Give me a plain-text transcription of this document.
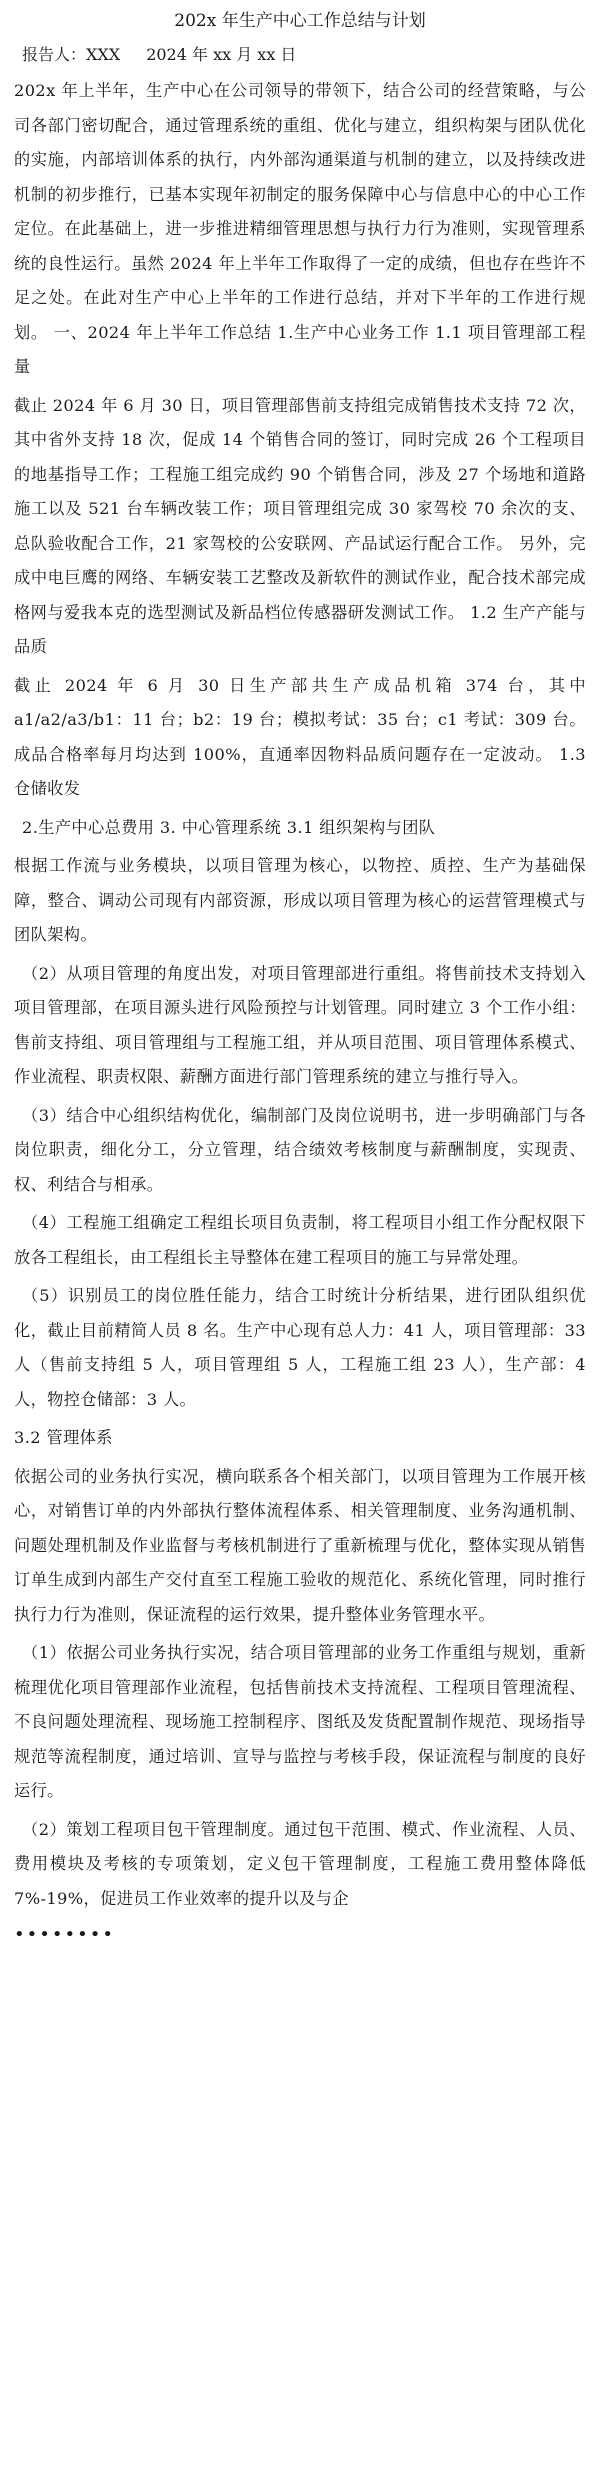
202x 年生产中心工作总结与计划
报告人：XXX 2024 年 xx 月 xx 日

202x 年上半年，生产中心在公司领导的带领下，结合公司的经营策略，与公司各部门密切配合，通过管理系统的重组、优化与建立，组织构架与团队优化的实施，内部培训体系的执行，内外部沟通渠道与机制的建立，以及持续改进机制的初步推行，已基本实现年初制定的服务保障中心与信息中心的中心工作定位。在此基础上，进一步推进精细管理思想与执行力行为准则，实现管理系统的良性运行。虽然 2024 年上半年工作取得了一定的成绩，但也存在些许不足之处。在此对生产中心上半年的工作进行总结，并对下半年的工作进行规划。 一、2024 年上半年工作总结 1.生产中心业务工作 1.1 项目管理部工程量

截止 2024 年 6 月 30 日，项目管理部售前支持组完成销售技术支持 72 次，其中省外支持 18 次，促成 14 个销售合同的签订，同时完成 26 个工程项目的地基指导工作；工程施工组完成约 90 个销售合同，涉及 27 个场地和道路施工以及 521 台车辆改装工作；项目管理组完成 30 家驾校 70 余次的支、总队验收配合工作，21 家驾校的公安联网、产品试运行配合工作。 另外，完成中电巨鹰的网络、车辆安装工艺整改及新软件的测试作业，配合技术部完成格网与爱我本克的选型测试及新品档位传感器研发测试工作。 1.2 生产产能与品质

截止 2024 年 6 月 30 日生产部共生产成品机箱 374 台，其中 a1/a2/a3/b1：11 台；b2：19 台；模拟考试：35 台；c1 考试：309 台。成品合格率每月均达到 100%，直通率因物料品质问题存在一定波动。 1.3 仓储收发

2.生产中心总费用 3. 中心管理系统 3.1 组织架构与团队

根据工作流与业务模块，以项目管理为核心，以物控、质控、生产为基础保障，整合、调动公司现有内部资源，形成以项目管理为核心的运营管理模式与团队架构。

（2）从项目管理的角度出发，对项目管理部进行重组。将售前技术支持划入项目管理部，在项目源头进行风险预控与计划管理。同时建立 3 个工作小组：售前支持组、项目管理组与工程施工组，并从项目范围、项目管理体系模式、作业流程、职责权限、薪酬方面进行部门管理系统的建立与推行导入。

（3）结合中心组织结构优化，编制部门及岗位说明书，进一步明确部门与各岗位职责，细化分工，分立管理，结合绩效考核制度与薪酬制度，实现责、权、利结合与相承。

（4）工程施工组确定工程组长项目负责制，将工程项目小组工作分配权限下放各工程组长，由工程组长主导整体在建工程项目的施工与异常处理。

（5）识别员工的岗位胜任能力，结合工时统计分析结果，进行团队组织优化，截止目前精简人员 8 名。生产中心现有总人力：41 人，项目管理部：33 人（售前支持组 5 人，项目管理组 5 人，工程施工组 23 人），生产部：4 人，物控仓储部：3 人。

3.2 管理体系

依据公司的业务执行实况，横向联系各个相关部门，以项目管理为工作展开核心，对销售订单的内外部执行整体流程体系、相关管理制度、业务沟通机制、问题处理机制及作业监督与考核机制进行了重新梳理与优化，整体实现从销售订单生成到内部生产交付直至工程施工验收的规范化、系统化管理，同时推行执行力行为准则，保证流程的运行效果，提升整体业务管理水平。

（1）依据公司业务执行实况，结合项目管理部的业务工作重组与规划，重新梳理优化项目管理部作业流程，包括售前技术支持流程、工程项目管理流程、不良问题处理流程、现场施工控制程序、图纸及发货配置制作规范、现场指导规范等流程制度，通过培训、宣导与监控与考核手段，保证流程与制度的良好运行。

（2）策划工程项目包干管理制度。通过包干范围、模式、作业流程、人员、费用模块及考核的专项策划，定义包干管理制度，工程施工费用整体降低 7%-19%，促进员工作业效率的提升以及与企

••••••••
